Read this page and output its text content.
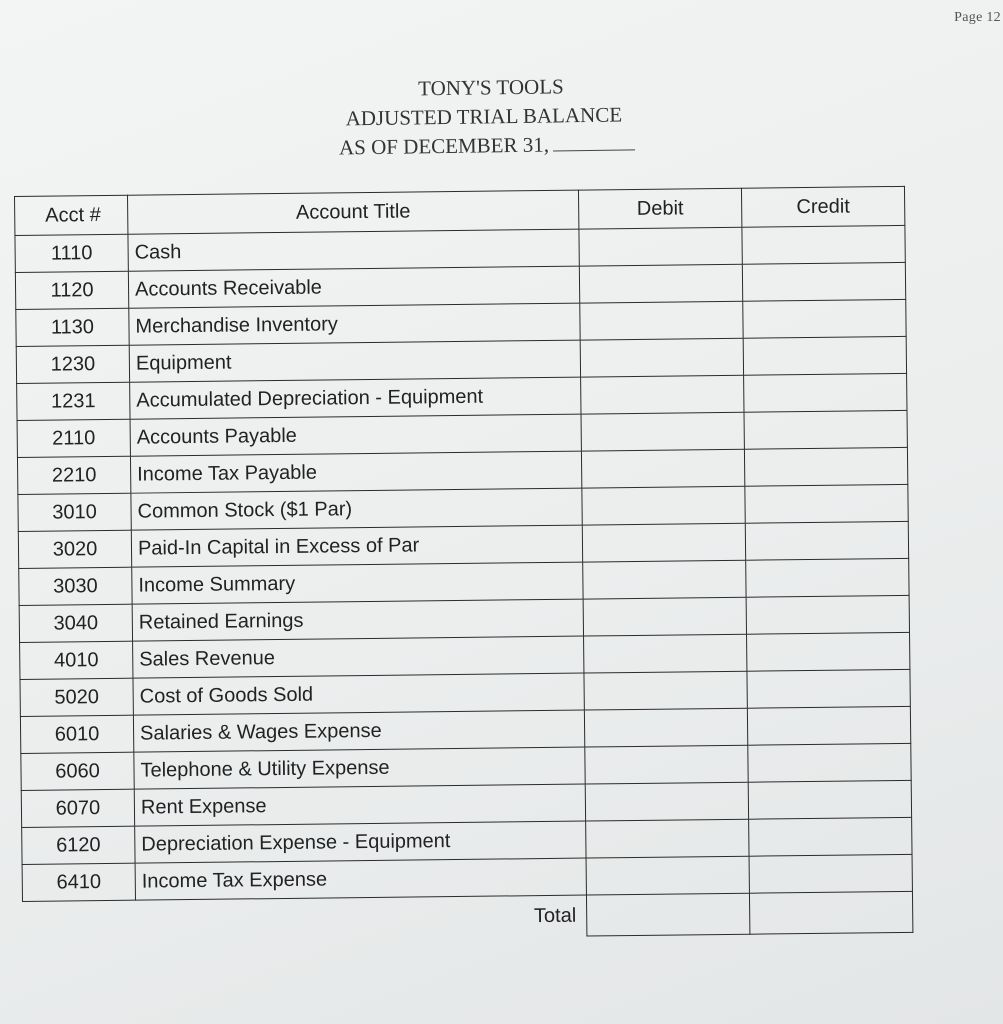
Page 12
TONY'S TOOLS
ADJUSTED TRIAL BALANCE
AS OF DECEMBER 31,
Acct #	Account Title	Debit	Credit
1110	Cash		
1120	Accounts Receivable		
1130	Merchandise Inventory		
1230	Equipment		
1231	Accumulated Depreciation - Equipment		
2110	Accounts Payable		
2210	Income Tax Payable		
3010	Common Stock ($1 Par)		
3020	Paid-In Capital in Excess of Par		
3030	Income Summary		
3040	Retained Earnings		
4010	Sales Revenue		
5020	Cost of Goods Sold		
6010	Salaries & Wages Expense		
6060	Telephone & Utility Expense		
6070	Rent Expense		
6120	Depreciation Expense - Equipment		
6410	Income Tax Expense		
	Total		
